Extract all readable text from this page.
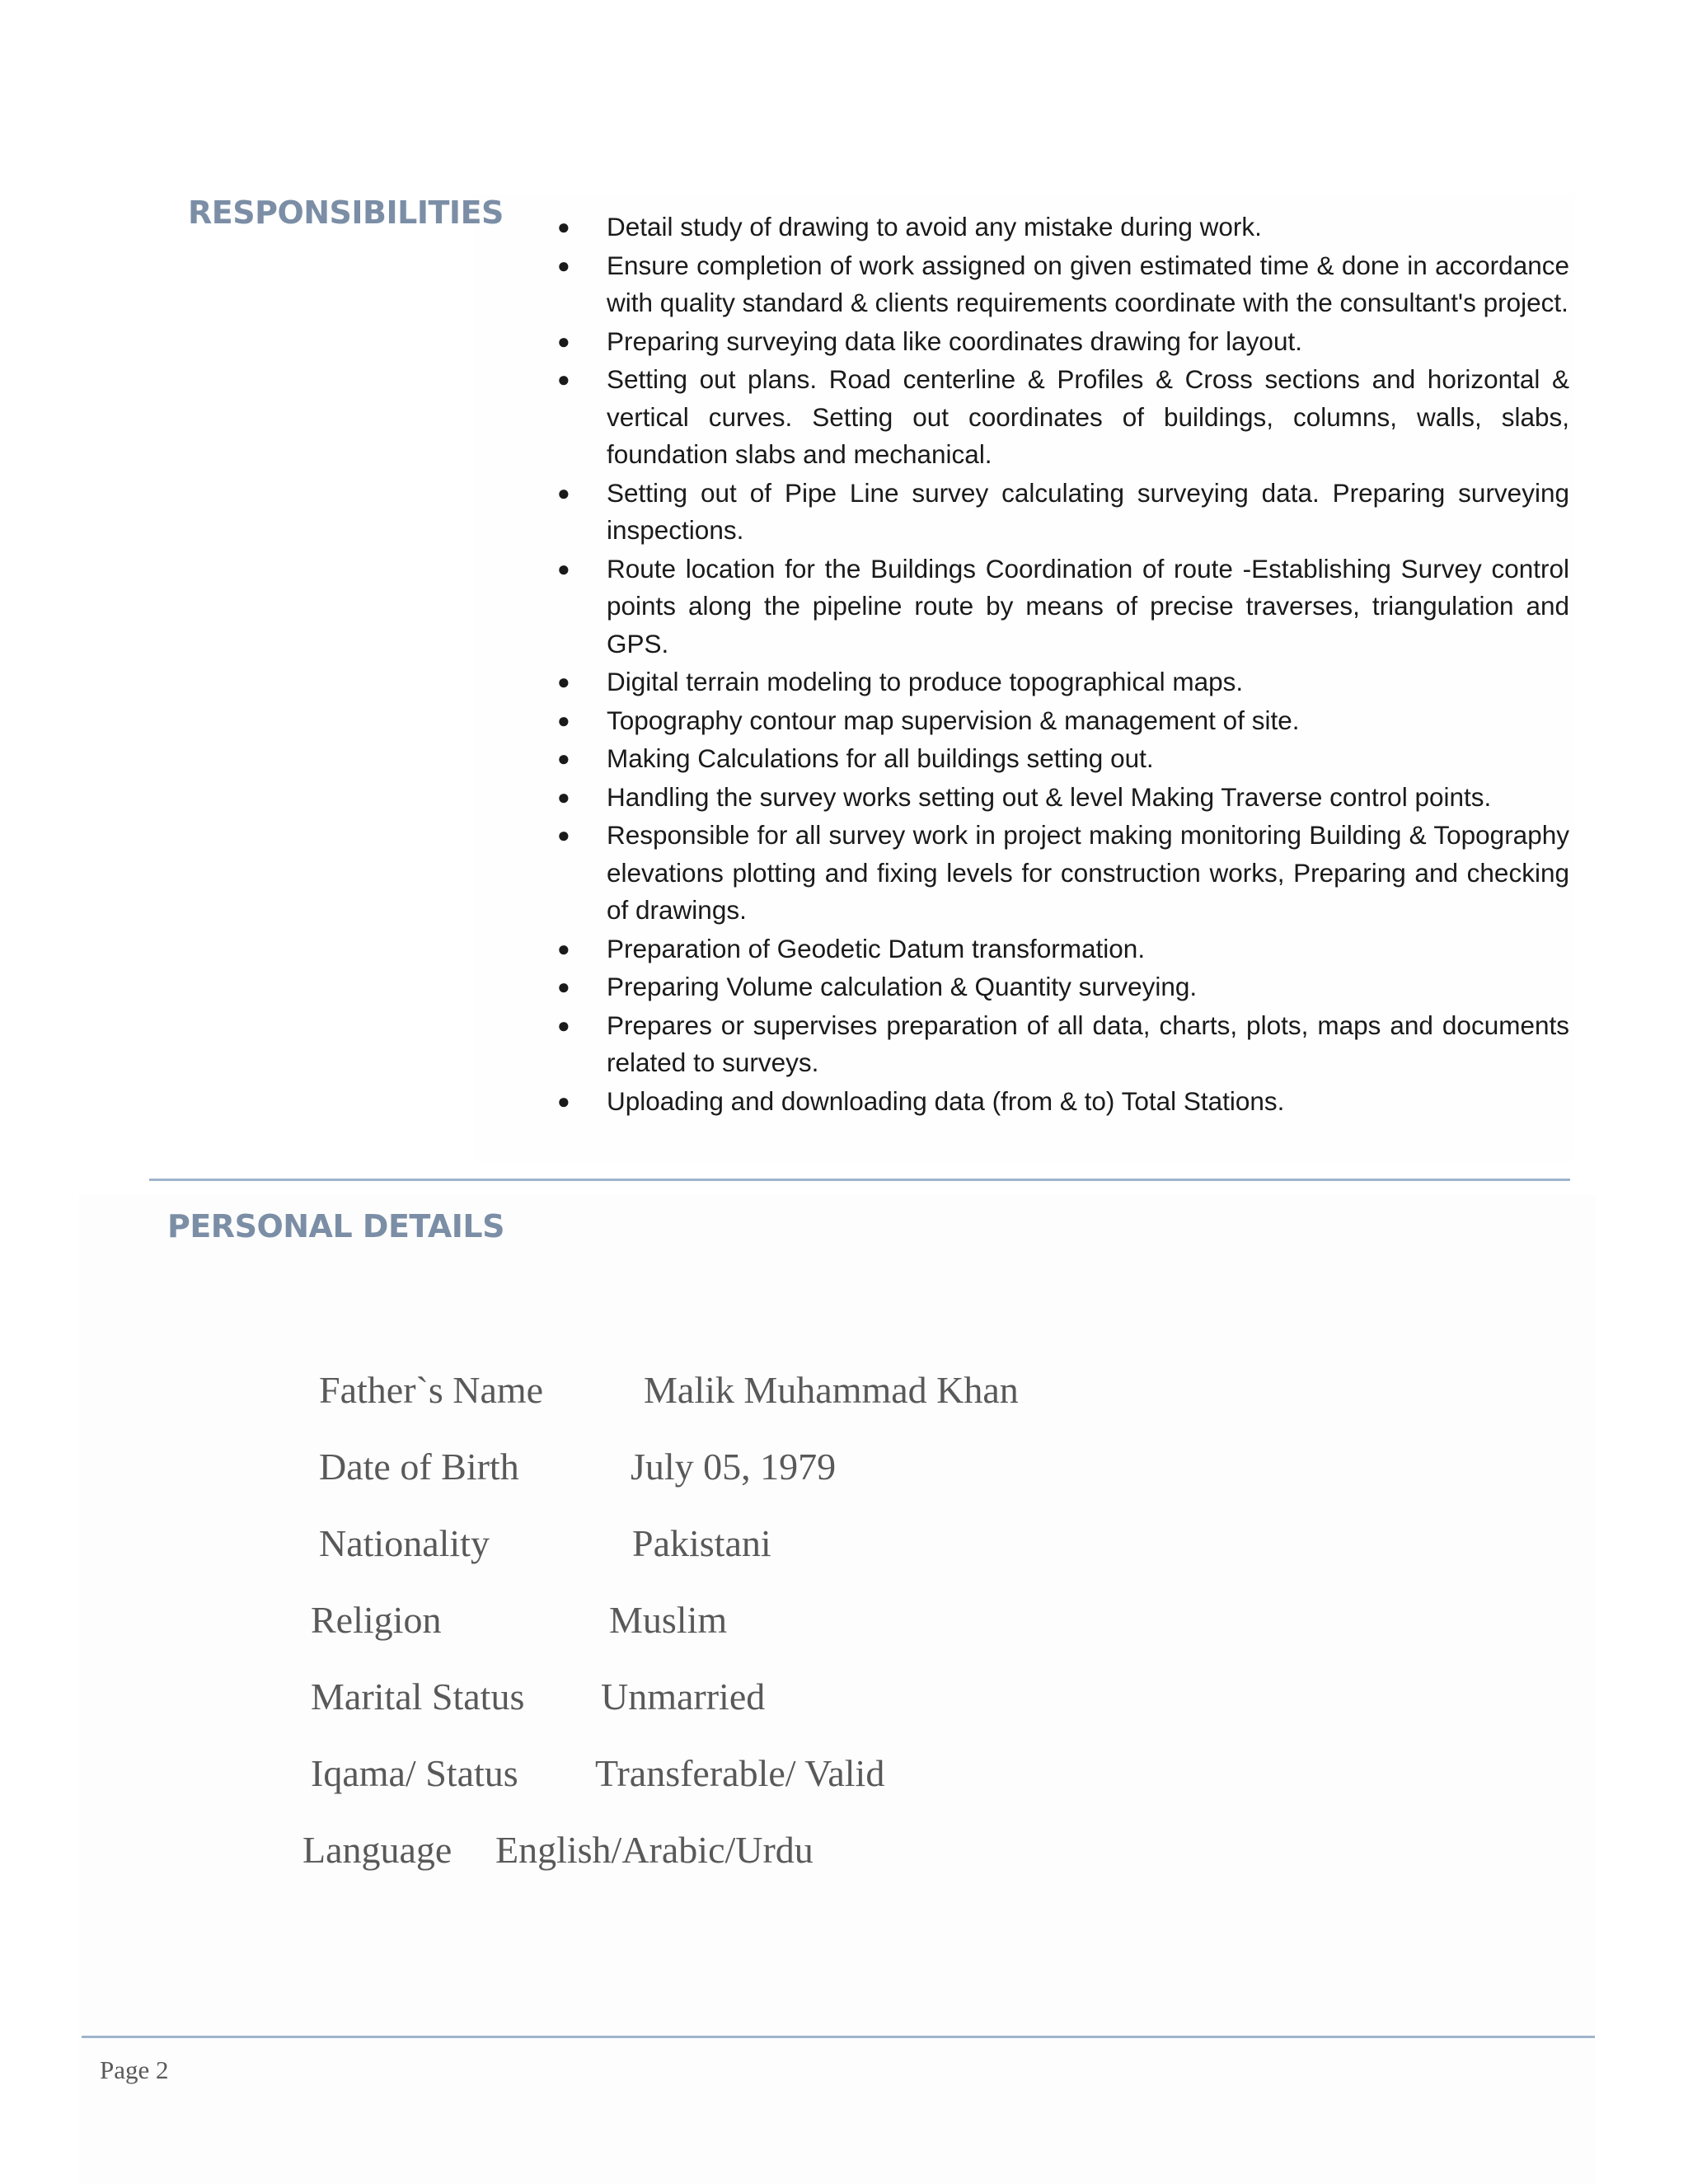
RESPONSIBILITIES	● Detail study of drawing to avoid any mistake during work.
● Ensure completion of work assigned on given estimated time & done in accordance with quality standard & clients requirements coordinate with the consultant's project.
● Preparing surveying data like coordinates drawing for layout.
● Setting out plans. Road centerline & Profiles & Cross sections and horizontal & vertical curves. Setting out coordinates of buildings, columns, walls, slabs, foundation slabs and mechanical.
● Setting out of Pipe Line survey calculating surveying data. Preparing surveying inspections.
● Route location for the Buildings Coordination of route -Establishing Survey control points along the pipeline route by means of precise traverses, triangulation and GPS.
● Digital terrain modeling to produce topographical maps.
● Topography contour map supervision & management of site.
● Making Calculations for all buildings setting out.
● Handling the survey works setting out & level Making Traverse control points.
● Responsible for all survey work in project making monitoring Building & Topography elevations plotting and fixing levels for construction works, Preparing and checking of drawings.
● Preparation of Geodetic Datum transformation.
● Preparing Volume calculation & Quantity surveying.
● Prepares or supervises preparation of all data, charts, plots, maps and documents related to surveys.
● Uploading and downloading data (from & to) Total Stations.
PERSONAL DETAILS
Father`s Name	Malik Muhammad Khan
Date of Birth	July 05, 1979
Nationality	Pakistani
Religion	Muslim
Marital Status Unmarried
Iqama/ Status Transferable/ Valid
Language English/Arabic/Urdu
Page 2
